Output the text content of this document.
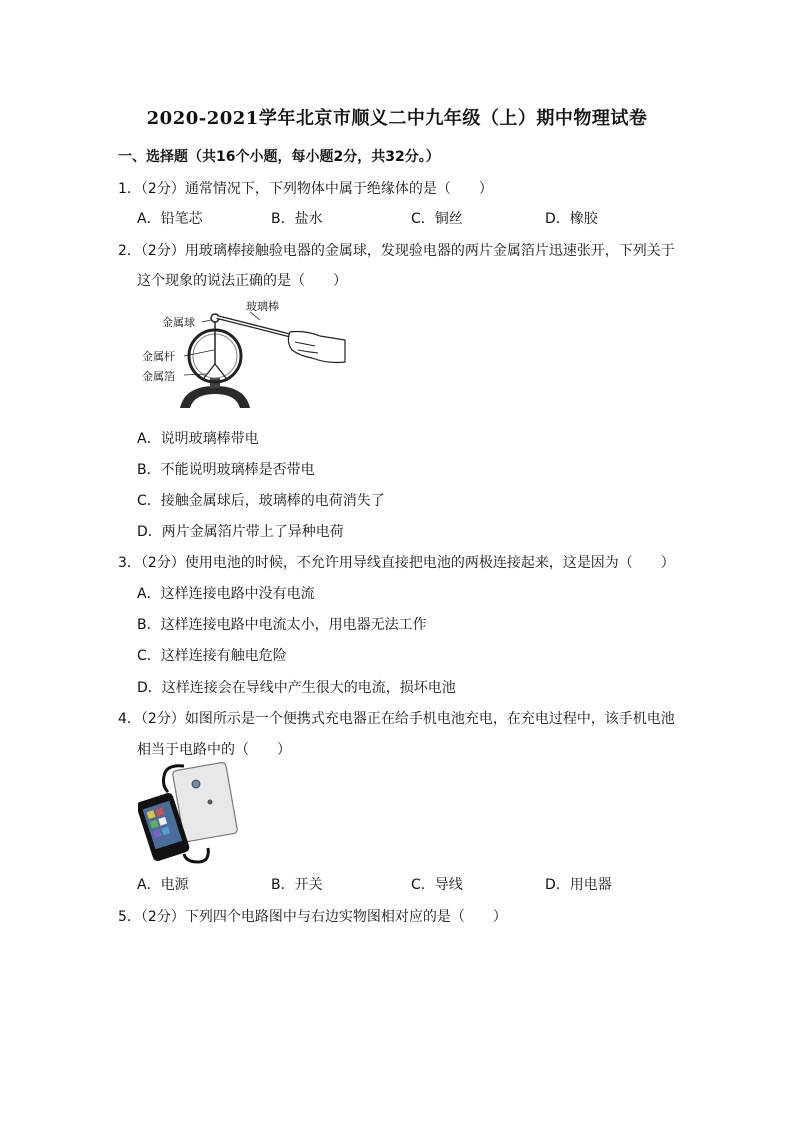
2020-2021学年北京市顺义二中九年级（上）期中物理试卷
一、选择题（共16个小题，每小题2分，共32分。）
1．（2分）通常情况下，下列物体中属于绝缘体的是（　　）
A．铅笔芯	B．盐水	C．铜丝	D．橡胶
2．（2分）用玻璃棒接触验电器的金属球，发现验电器的两片金属箔片迅速张开，下列关于
这个现象的说法正确的是（　　）
玻璃棒
金属球
金属杆
金属箔
A．说明玻璃棒带电
B．不能说明玻璃棒是否带电
C．接触金属球后，玻璃棒的电荷消失了
D．两片金属箔片带上了异种电荷
3．（2分）使用电池的时候，不允许用导线直接把电池的两极连接起来，这是因为（　　）
A．这样连接电路中没有电流
B．这样连接电路中电流太小，用电器无法工作
C．这样连接有触电危险
D．这样连接会在导线中产生很大的电流，损坏电池
4．（2分）如图所示是一个便携式充电器正在给手机电池充电，在充电过程中，该手机电池
相当于电路中的（　　）
A．电源	B．开关	C．导线	D．用电器
5．（2分）下列四个电路图中与右边实物图相对应的是（　　）
